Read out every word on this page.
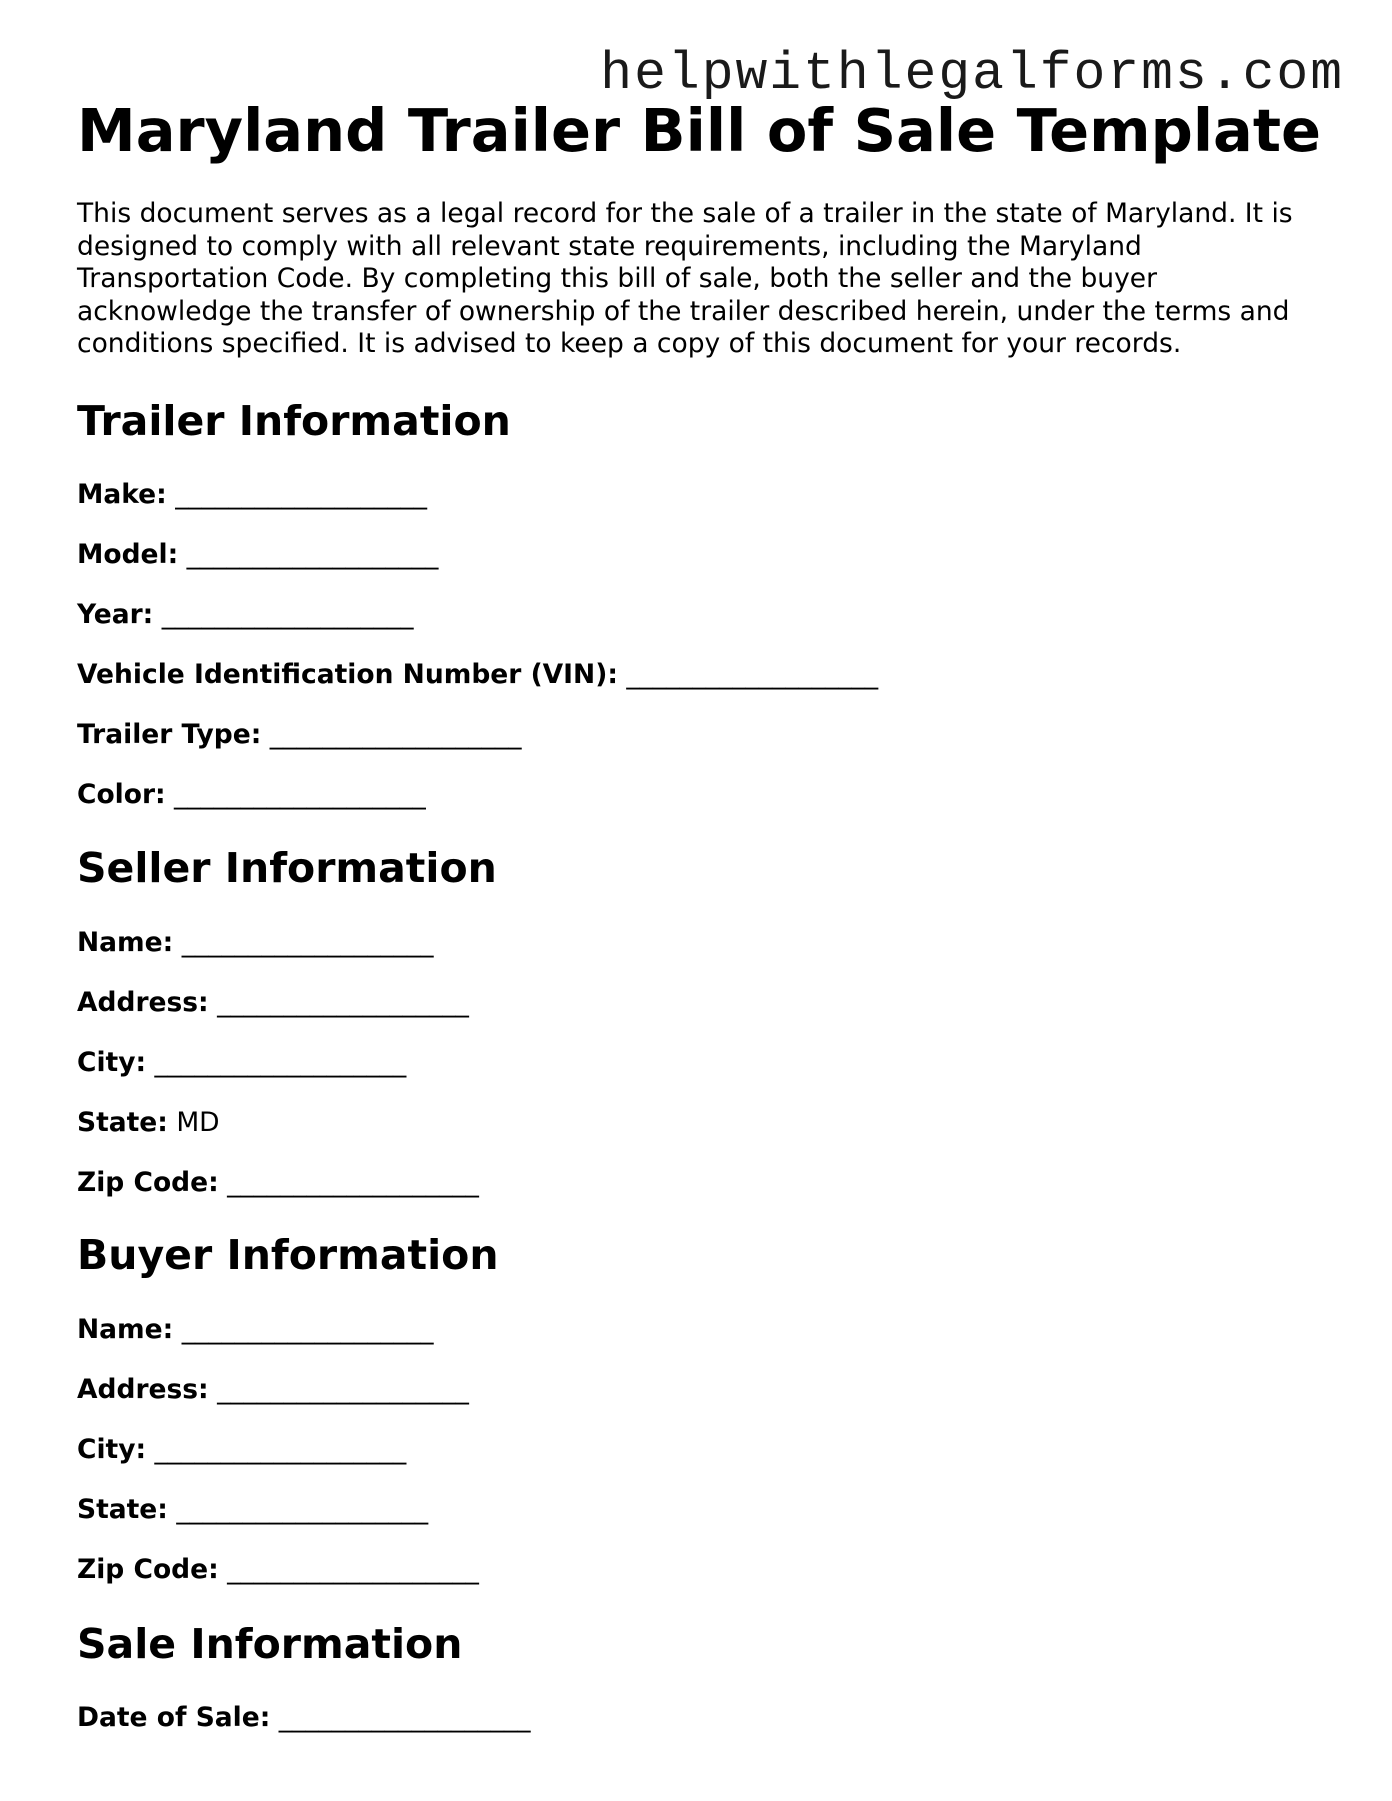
helpwithlegalforms.com
Maryland Trailer Bill of Sale Template

This document serves as a legal record for the sale of a trailer in the state of Maryland. It is designed to comply with all relevant state requirements, including the Maryland Transportation Code. By completing this bill of sale, both the seller and the buyer acknowledge the transfer of ownership of the trailer described herein, under the terms and conditions specified. It is advised to keep a copy of this document for your records.

Trailer Information
Make: ___________________
Model: ___________________
Year: ___________________
Vehicle Identification Number (VIN): ___________________
Trailer Type: ___________________
Color: ___________________
Seller Information
Name: ___________________
Address: ___________________
City: ___________________
State: MD
Zip Code: ___________________
Buyer Information
Name: ___________________
Address: ___________________
City: ___________________
State: ___________________
Zip Code: ___________________
Sale Information
Date of Sale: ___________________
